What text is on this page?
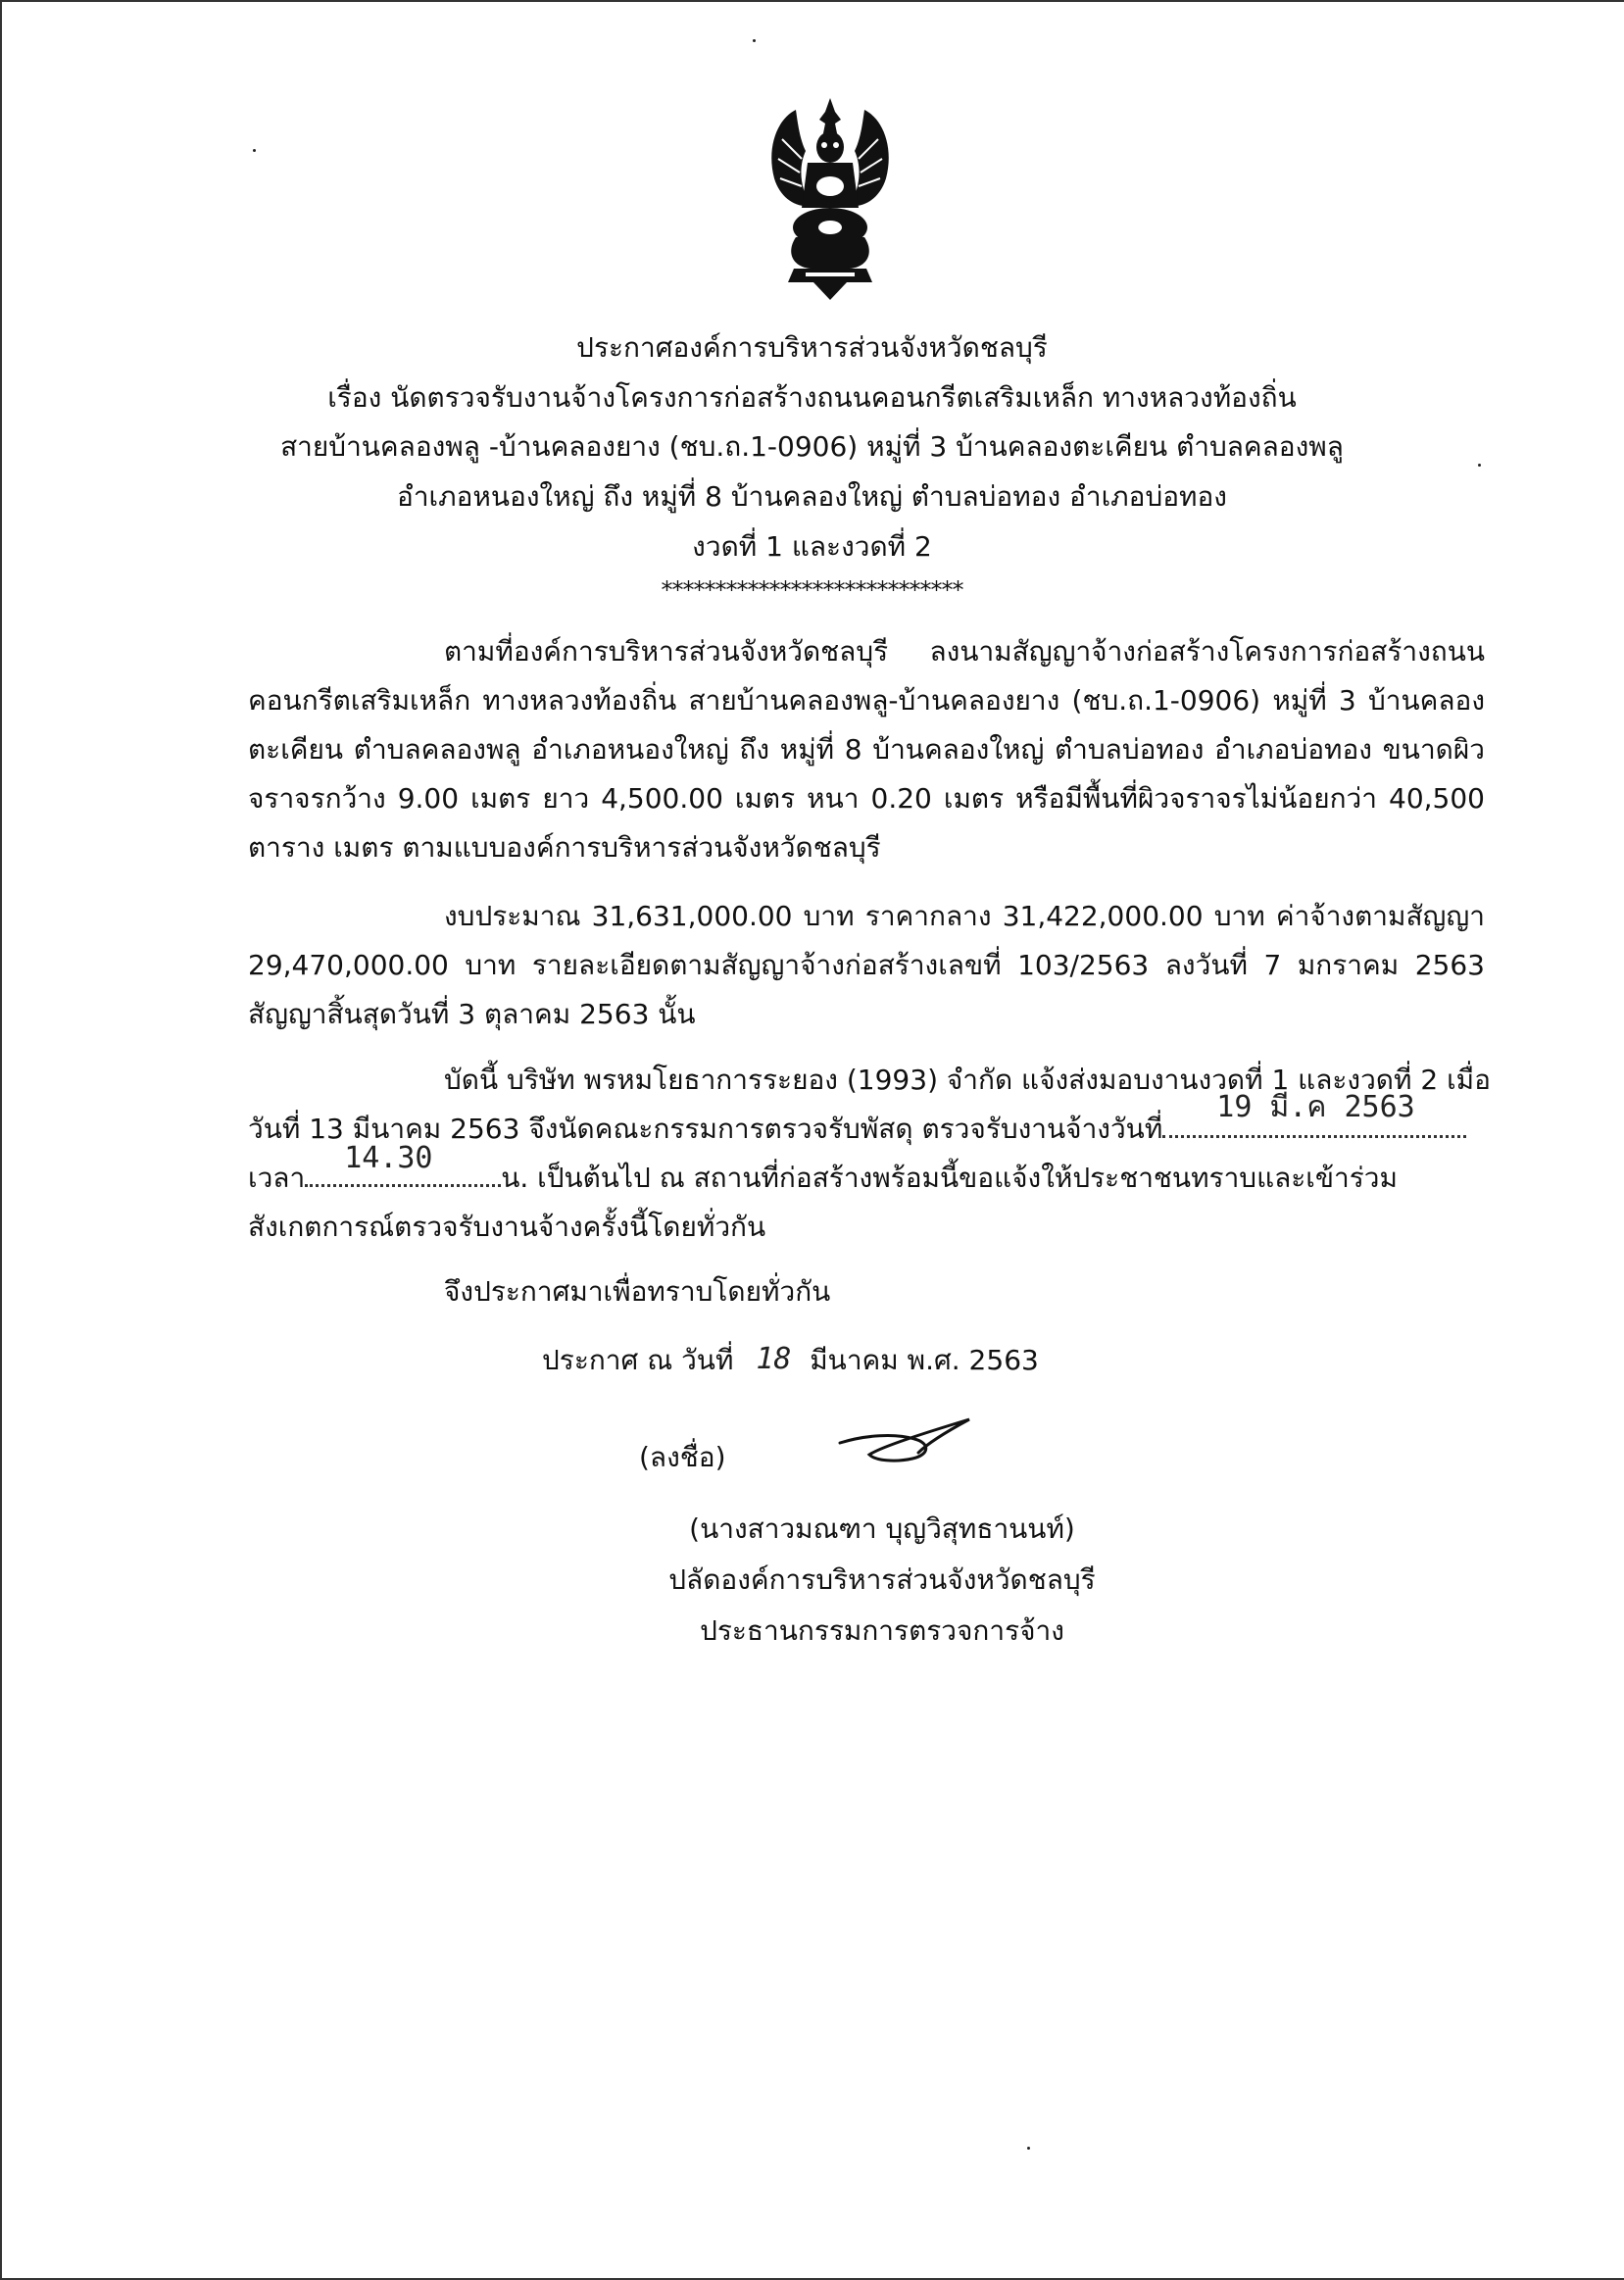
ประกาศองค์การบริหารส่วนจังหวัดชลบุรี
เรื่อง นัดตรวจรับงานจ้างโครงการก่อสร้างถนนคอนกรีตเสริมเหล็ก ทางหลวงท้องถิ่น
สายบ้านคลองพลู -บ้านคลองยาง (ชบ.ถ.1-0906) หมู่ที่ 3 บ้านคลองตะเคียน ตำบลคลองพลู
อำเภอหนองใหญ่ ถึง หมู่ที่ 8 บ้านคลองใหญ่ ตำบลบ่อทอง อำเภอบ่อทอง
งวดที่ 1 และงวดที่ 2
****************************
ตามที่องค์การบริหารส่วนจังหวัดชลบุรี ลงนามสัญญาจ้างก่อสร้างโครงการก่อสร้างถนน คอนกรีตเสริมเหล็ก ทางหลวงท้องถิ่น สายบ้านคลองพลู-บ้านคลองยาง (ชบ.ถ.1-0906) หมู่ที่ 3 บ้านคลอง ตะเคียน ตำบลคลองพลู อำเภอหนองใหญ่ ถึง หมู่ที่ 8 บ้านคลองใหญ่ ตำบลบ่อทอง อำเภอบ่อทอง ขนาดผิว จราจรกว้าง 9.00 เมตร ยาว 4,500.00 เมตร หนา 0.20 เมตร หรือมีพื้นที่ผิวจราจรไม่น้อยกว่า 40,500 ตาราง เมตร ตามแบบองค์การบริหารส่วนจังหวัดชลบุรี
งบประมาณ 31,631,000.00 บาท ราคากลาง 31,422,000.00 บาท ค่าจ้างตามสัญญา 29,470,000.00 บาท รายละเอียดตามสัญญาจ้างก่อสร้างเลขที่ 103/2563 ลงวันที่ 7 มกราคม 2563 สัญญาสิ้นสุดวันที่ 3 ตุลาคม 2563 นั้น
บัดนี้ บริษัท พรหมโยธาการระยอง (1993) จำกัด แจ้งส่งมอบงานงวดที่ 1 และงวดที่ 2 เมื่อ
วันที่ 13 มีนาคม 2563 จึงนัดคณะกรรมการตรวจรับพัสดุ ตรวจรับงานจ้างวันที่
19 มี.ค 2563
เวลา
14.30
น. เป็นต้นไป ณ สถานที่ก่อสร้างพร้อมนี้ขอแจ้งให้ประชาชนทราบและเข้าร่วม
สังเกตการณ์ตรวจรับงานจ้างครั้งนี้โดยทั่วกัน
จึงประกาศมาเพื่อทราบโดยทั่วกัน
ประกาศ ณ วันที่ 18 มีนาคม พ.ศ. 2563
(ลงชื่อ)
(นางสาวมณฑา บุญวิสุทธานนท์)
ปลัดองค์การบริหารส่วนจังหวัดชลบุรี
ประธานกรรมการตรวจการจ้าง
